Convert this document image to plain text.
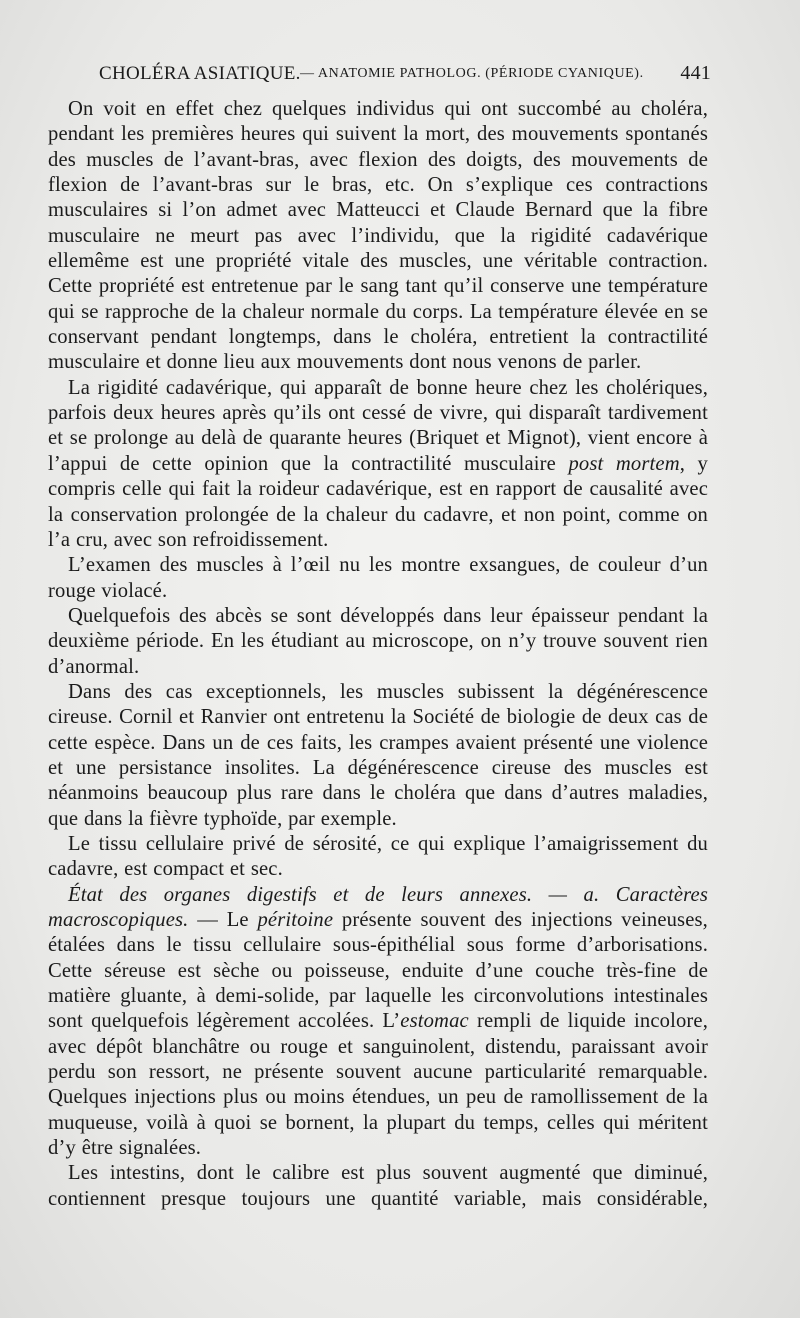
CHOLÉRA ASIATIQUE. — ANATOMIE PATHOLOG. (PÉRIODE CYANIQUE). 441

On voit en effet chez quelques individus qui ont succombé au choléra, pendant les premières heures qui suivent la mort, des mouvements spontanés des muscles de l’avant-bras, avec flexion des doigts, des mouvements de flexion de l’avant-bras sur le bras, etc. On s’explique ces contractions musculaires si l’on admet avec Matteucci et Claude Bernard que la fibre musculaire ne meurt pas avec l’individu, que la rigidité cadavérique ellemême est une propriété vitale des muscles, une véritable contraction. Cette propriété est entretenue par le sang tant qu’il conserve une température qui se rapproche de la chaleur normale du corps. La température élevée en se conservant pendant longtemps, dans le choléra, entretient la contractilité musculaire et donne lieu aux mouvements dont nous venons de parler.

La rigidité cadavérique, qui apparaît de bonne heure chez les cholériques, parfois deux heures après qu’ils ont cessé de vivre, qui disparaît tardivement et se prolonge au delà de quarante heures (Briquet et Mignot), vient encore à l’appui de cette opinion que la contractilité musculaire post mortem, y compris celle qui fait la roideur cadavérique, est en rapport de causalité avec la conservation prolongée de la chaleur du cadavre, et non point, comme on l’a cru, avec son refroidissement.

L’examen des muscles à l’œil nu les montre exsangues, de couleur d’un rouge violacé.

Quelquefois des abcès se sont développés dans leur épaisseur pendant la deuxième période. En les étudiant au microscope, on n’y trouve souvent rien d’anormal.

Dans des cas exceptionnels, les muscles subissent la dégénérescence cireuse. Cornil et Ranvier ont entretenu la Société de biologie de deux cas de cette espèce. Dans un de ces faits, les crampes avaient présenté une violence et une persistance insolites. La dégénérescence cireuse des muscles est néanmoins beaucoup plus rare dans le choléra que dans d’autres maladies, que dans la fièvre typhoïde, par exemple.

Le tissu cellulaire privé de sérosité, ce qui explique l’amaigrissement du cadavre, est compact et sec.

État des organes digestifs et de leurs annexes. — a. Caractères macroscopiques. — Le péritoine présente souvent des injections veineuses, étalées dans le tissu cellulaire sous-épithélial sous forme d’arborisations. Cette séreuse est sèche ou poisseuse, enduite d’une couche très-fine de matière gluante, à demi-solide, par laquelle les circonvolutions intestinales sont quelquefois légèrement accolées. L’estomac rempli de liquide incolore, avec dépôt blanchâtre ou rouge et sanguinolent, distendu, paraissant avoir perdu son ressort, ne présente souvent aucune particularité remarquable. Quelques injections plus ou moins étendues, un peu de ramollissement de la muqueuse, voilà à quoi se bornent, la plupart du temps, celles qui méritent d’y être signalées.

Les intestins, dont le calibre est plus souvent augmenté que diminué, contiennent presque toujours une quantité variable, mais considérable,
